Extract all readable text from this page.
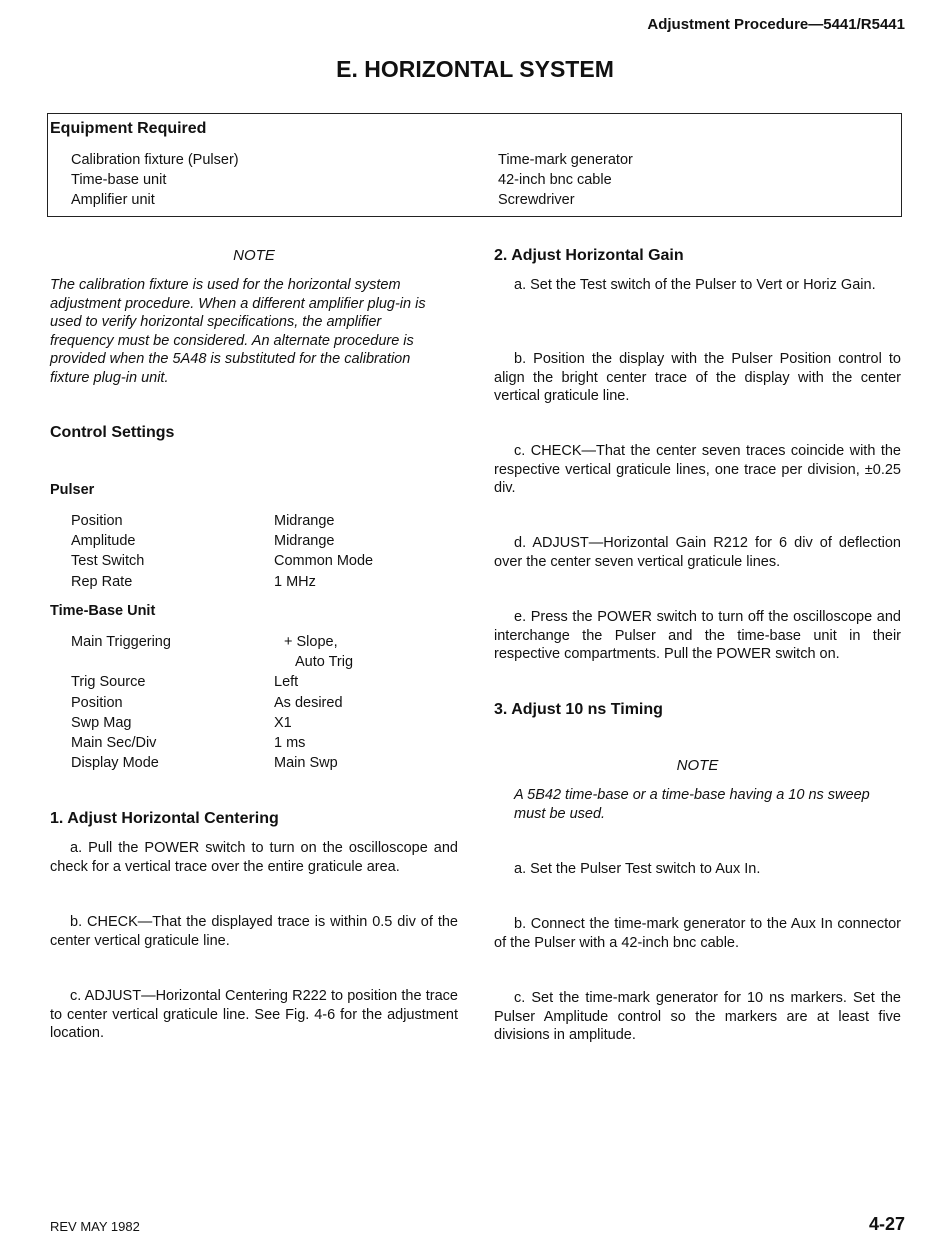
Adjustment Procedure—5441/R5441
E. HORIZONTAL SYSTEM
Equipment Required
Calibration fixture (Pulser)
Time-base unit
Amplifier unit
Time-mark generator
42-inch bnc cable
Screwdriver
NOTE
The calibration fixture is used for the horizontal system adjustment procedure. When a different amplifier plug-in is used to verify horizontal specifications, the amplifier frequency must be considered. An alternate procedure is provided when the 5A48 is substituted for the calibration fixture plug-in unit.
Control Settings
Pulser
Position	Midrange
Amplitude	Midrange
Test Switch	Common Mode
Rep Rate	1 MHz
Time-Base Unit
Main Triggering	+ Slope,
Auto Trig
Trig Source	Left
Position	As desired
Swp Mag	X1
Main Sec/Div	1 ms
Display Mode	Main Swp
1. Adjust Horizontal Centering
a. Pull the POWER switch to turn on the oscilloscope and check for a vertical trace over the entire graticule area.
b. CHECK—That the displayed trace is within 0.5 div of the center vertical graticule line.
c. ADJUST—Horizontal Centering R222 to position the trace to center vertical graticule line. See Fig. 4-6 for the adjustment location.
2. Adjust Horizontal Gain
a. Set the Test switch of the Pulser to Vert or Horiz Gain.
b. Position the display with the Pulser Position control to align the bright center trace of the display with the center vertical graticule line.
c. CHECK—That the center seven traces coincide with the respective vertical graticule lines, one trace per division, ±0.25 div.
d. ADJUST—Horizontal Gain R212 for 6 div of deflection over the center seven vertical graticule lines.
e. Press the POWER switch to turn off the oscilloscope and interchange the Pulser and the time-base unit in their respective compartments. Pull the POWER switch on.
3. Adjust 10 ns Timing
NOTE
A 5B42 time-base or a time-base having a 10 ns sweep must be used.
a. Set the Pulser Test switch to Aux In.
b. Connect the time-mark generator to the Aux In connector of the Pulser with a 42-inch bnc cable.
c. Set the time-mark generator for 10 ns markers. Set the Pulser Amplitude control so the markers are at least five divisions in amplitude.
REV MAY 1982	4-27
